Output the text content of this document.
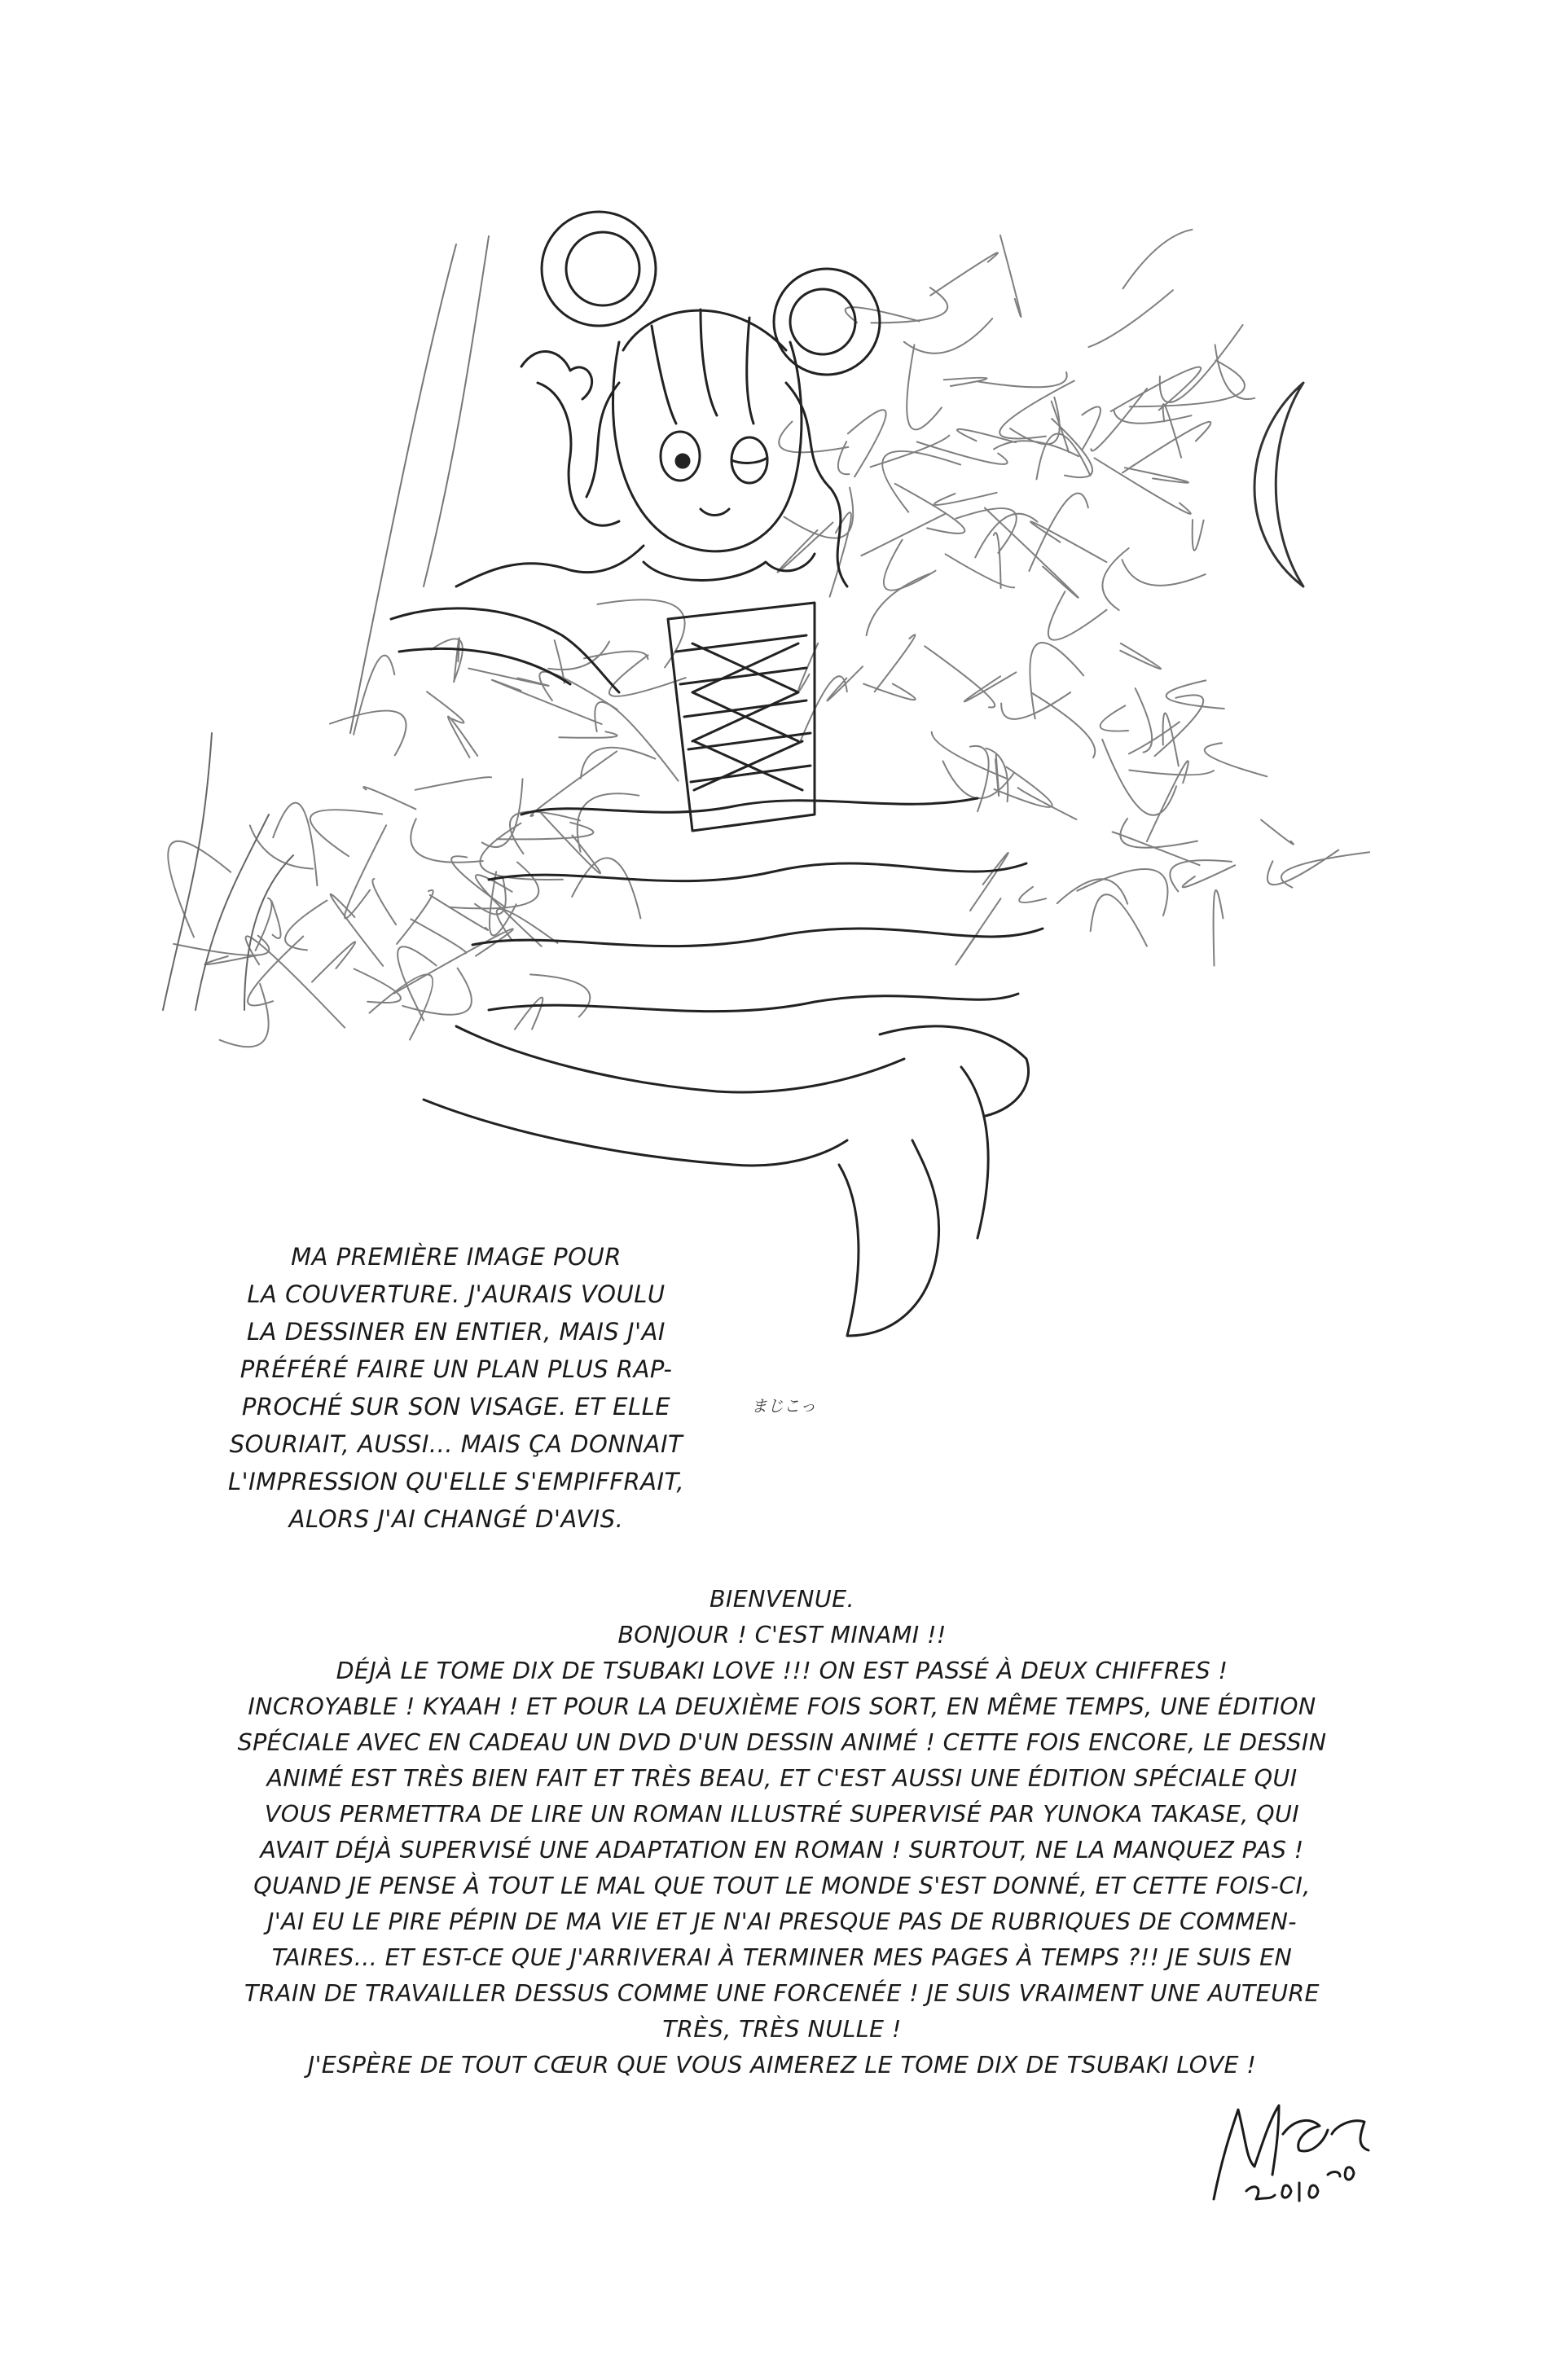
MA PREMIÈRE IMAGE POUR
LA COUVERTURE. J'AURAIS VOULU
LA DESSINER EN ENTIER, MAIS J'AI
PRÉFÉRÉ FAIRE UN PLAN PLUS RAP-
PROCHÉ SUR SON VISAGE. ET ELLE
SOURIAIT, AUSSI... MAIS ÇA DONNAIT
L'IMPRESSION QU'ELLE S'EMPIFFRAIT,
ALORS J'AI CHANGÉ D'AVIS.
まじこっ
BIENVENUE.
BONJOUR ! C'EST MINAMI !!
DÉJÀ LE TOME DIX DE TSUBAKI LOVE !!! ON EST PASSÉ À DEUX CHIFFRES !
INCROYABLE ! KYAAH ! ET POUR LA DEUXIÈME FOIS SORT, EN MÊME TEMPS, UNE ÉDITION
SPÉCIALE AVEC EN CADEAU UN DVD D'UN DESSIN ANIMÉ ! CETTE FOIS ENCORE, LE DESSIN
ANIMÉ EST TRÈS BIEN FAIT ET TRÈS BEAU, ET C'EST AUSSI UNE ÉDITION SPÉCIALE QUI
VOUS PERMETTRA DE LIRE UN ROMAN ILLUSTRÉ SUPERVISÉ PAR YUNOKA TAKASE, QUI
AVAIT DÉJÀ SUPERVISÉ UNE ADAPTATION EN ROMAN ! SURTOUT, NE LA MANQUEZ PAS !
QUAND JE PENSE À TOUT LE MAL QUE TOUT LE MONDE S'EST DONNÉ, ET CETTE FOIS-CI,
J'AI EU LE PIRE PÉPIN DE MA VIE ET JE N'AI PRESQUE PAS DE RUBRIQUES DE COMMEN-
TAIRES... ET EST-CE QUE J'ARRIVERAI À TERMINER MES PAGES À TEMPS ?!! JE SUIS EN
TRAIN DE TRAVAILLER DESSUS COMME UNE FORCENÉE ! JE SUIS VRAIMENT UNE AUTEURE
TRÈS, TRÈS NULLE !
J'ESPÈRE DE TOUT CŒUR QUE VOUS AIMEREZ LE TOME DIX DE TSUBAKI LOVE !
